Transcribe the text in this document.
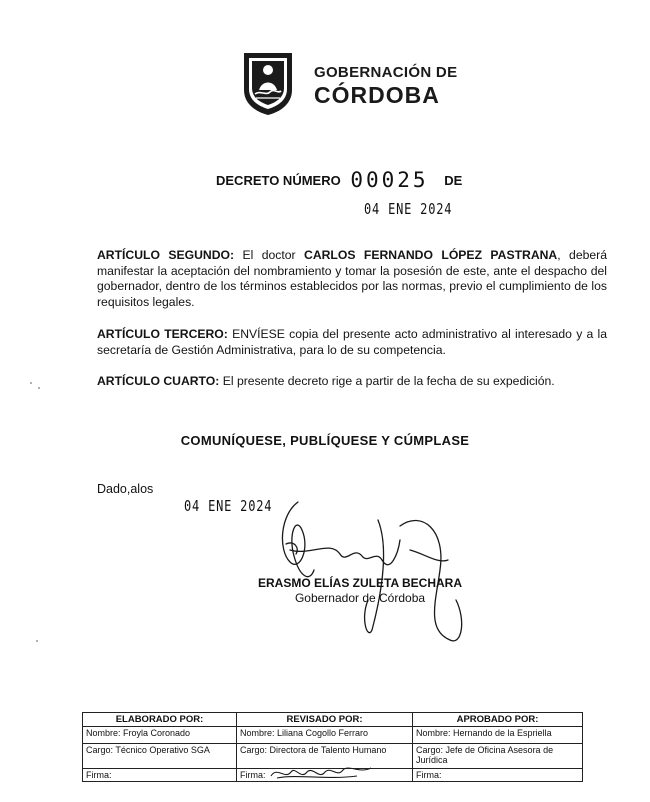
GOBERNACIÓN DE
CÓRDOBA
DECRETO NÚMERO 00025 DE
04 ENE 2024
ARTÍCULO SEGUNDO: El doctor CARLOS FERNANDO LÓPEZ PASTRANA, deberá manifestar la aceptación del nombramiento y tomar la posesión de este, ante el despacho del gobernador, dentro de los términos establecidos por las normas, previo el cumplimiento de los requisitos legales.
ARTÍCULO TERCERO: ENVÍESE copia del presente acto administrativo al interesado y a la secretaría de Gestión Administrativa, para lo de su competencia.
ARTÍCULO CUARTO: El presente decreto rige a partir de la fecha de su expedición.
COMUNÍQUESE, PUBLÍQUESE Y CÚMPLASE
Dado,alos
04 ENE 2024
ERASMO ELÍAS ZULETA BECHARA
Gobernador de Córdoba
ELABORADO POR:	REVISADO POR:	APROBADO POR:
Nombre: Froyla Coronado	Nombre: Liliana Cogollo Ferraro	Nombre: Hernando de la Espriella
Cargo: Técnico Operativo SGA	Cargo: Directora de Talento Humano	Cargo: Jefe de Oficina Asesora de Jurídica
Firma:	Firma:	Firma:
